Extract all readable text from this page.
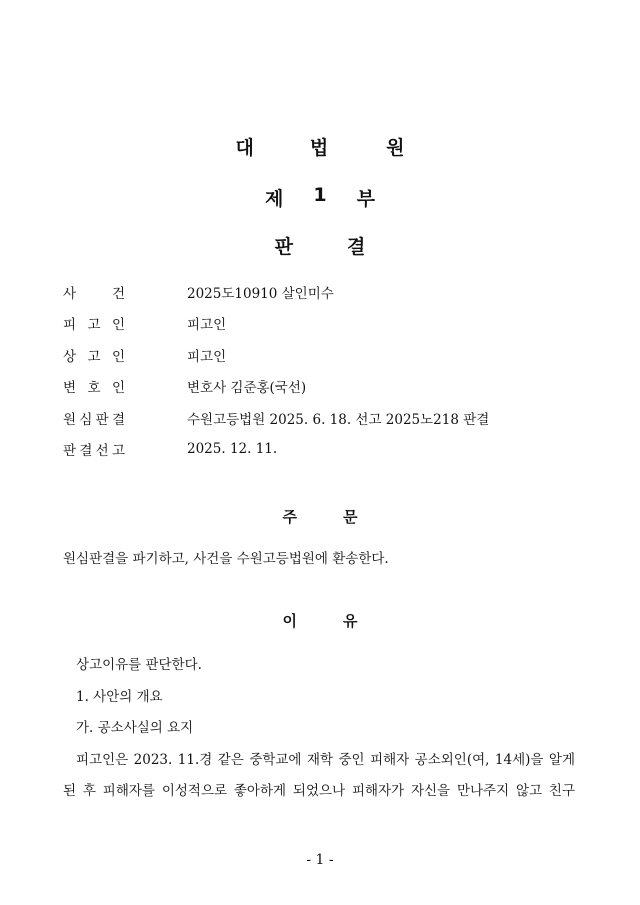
대	법	원
제 1 부
판	결
사	건	2025도10910 살인미수
피 고 인	피고인
상 고 인	피고인
변 호 인	변호사 김준홍(국선)
원 심 판 결	수원고등법원 2025. 6. 18. 선고 2025노218 판결
판 결 선 고	2025. 12. 11.
주	문
원심판결을 파기하고, 사건을 수원고등법원에 환송한다.
이	유
상고이유를 판단한다.
1. 사안의 개요
가. 공소사실의 요지
피고인은 2023. 11.경 같은 중학교에 재학 중인 피해자 공소외인(여, 14세)을 알게
된 후 피해자를 이성적으로 좋아하게 되었으나 피해자가 자신을 만나주지 않고 친구
- 1 -
